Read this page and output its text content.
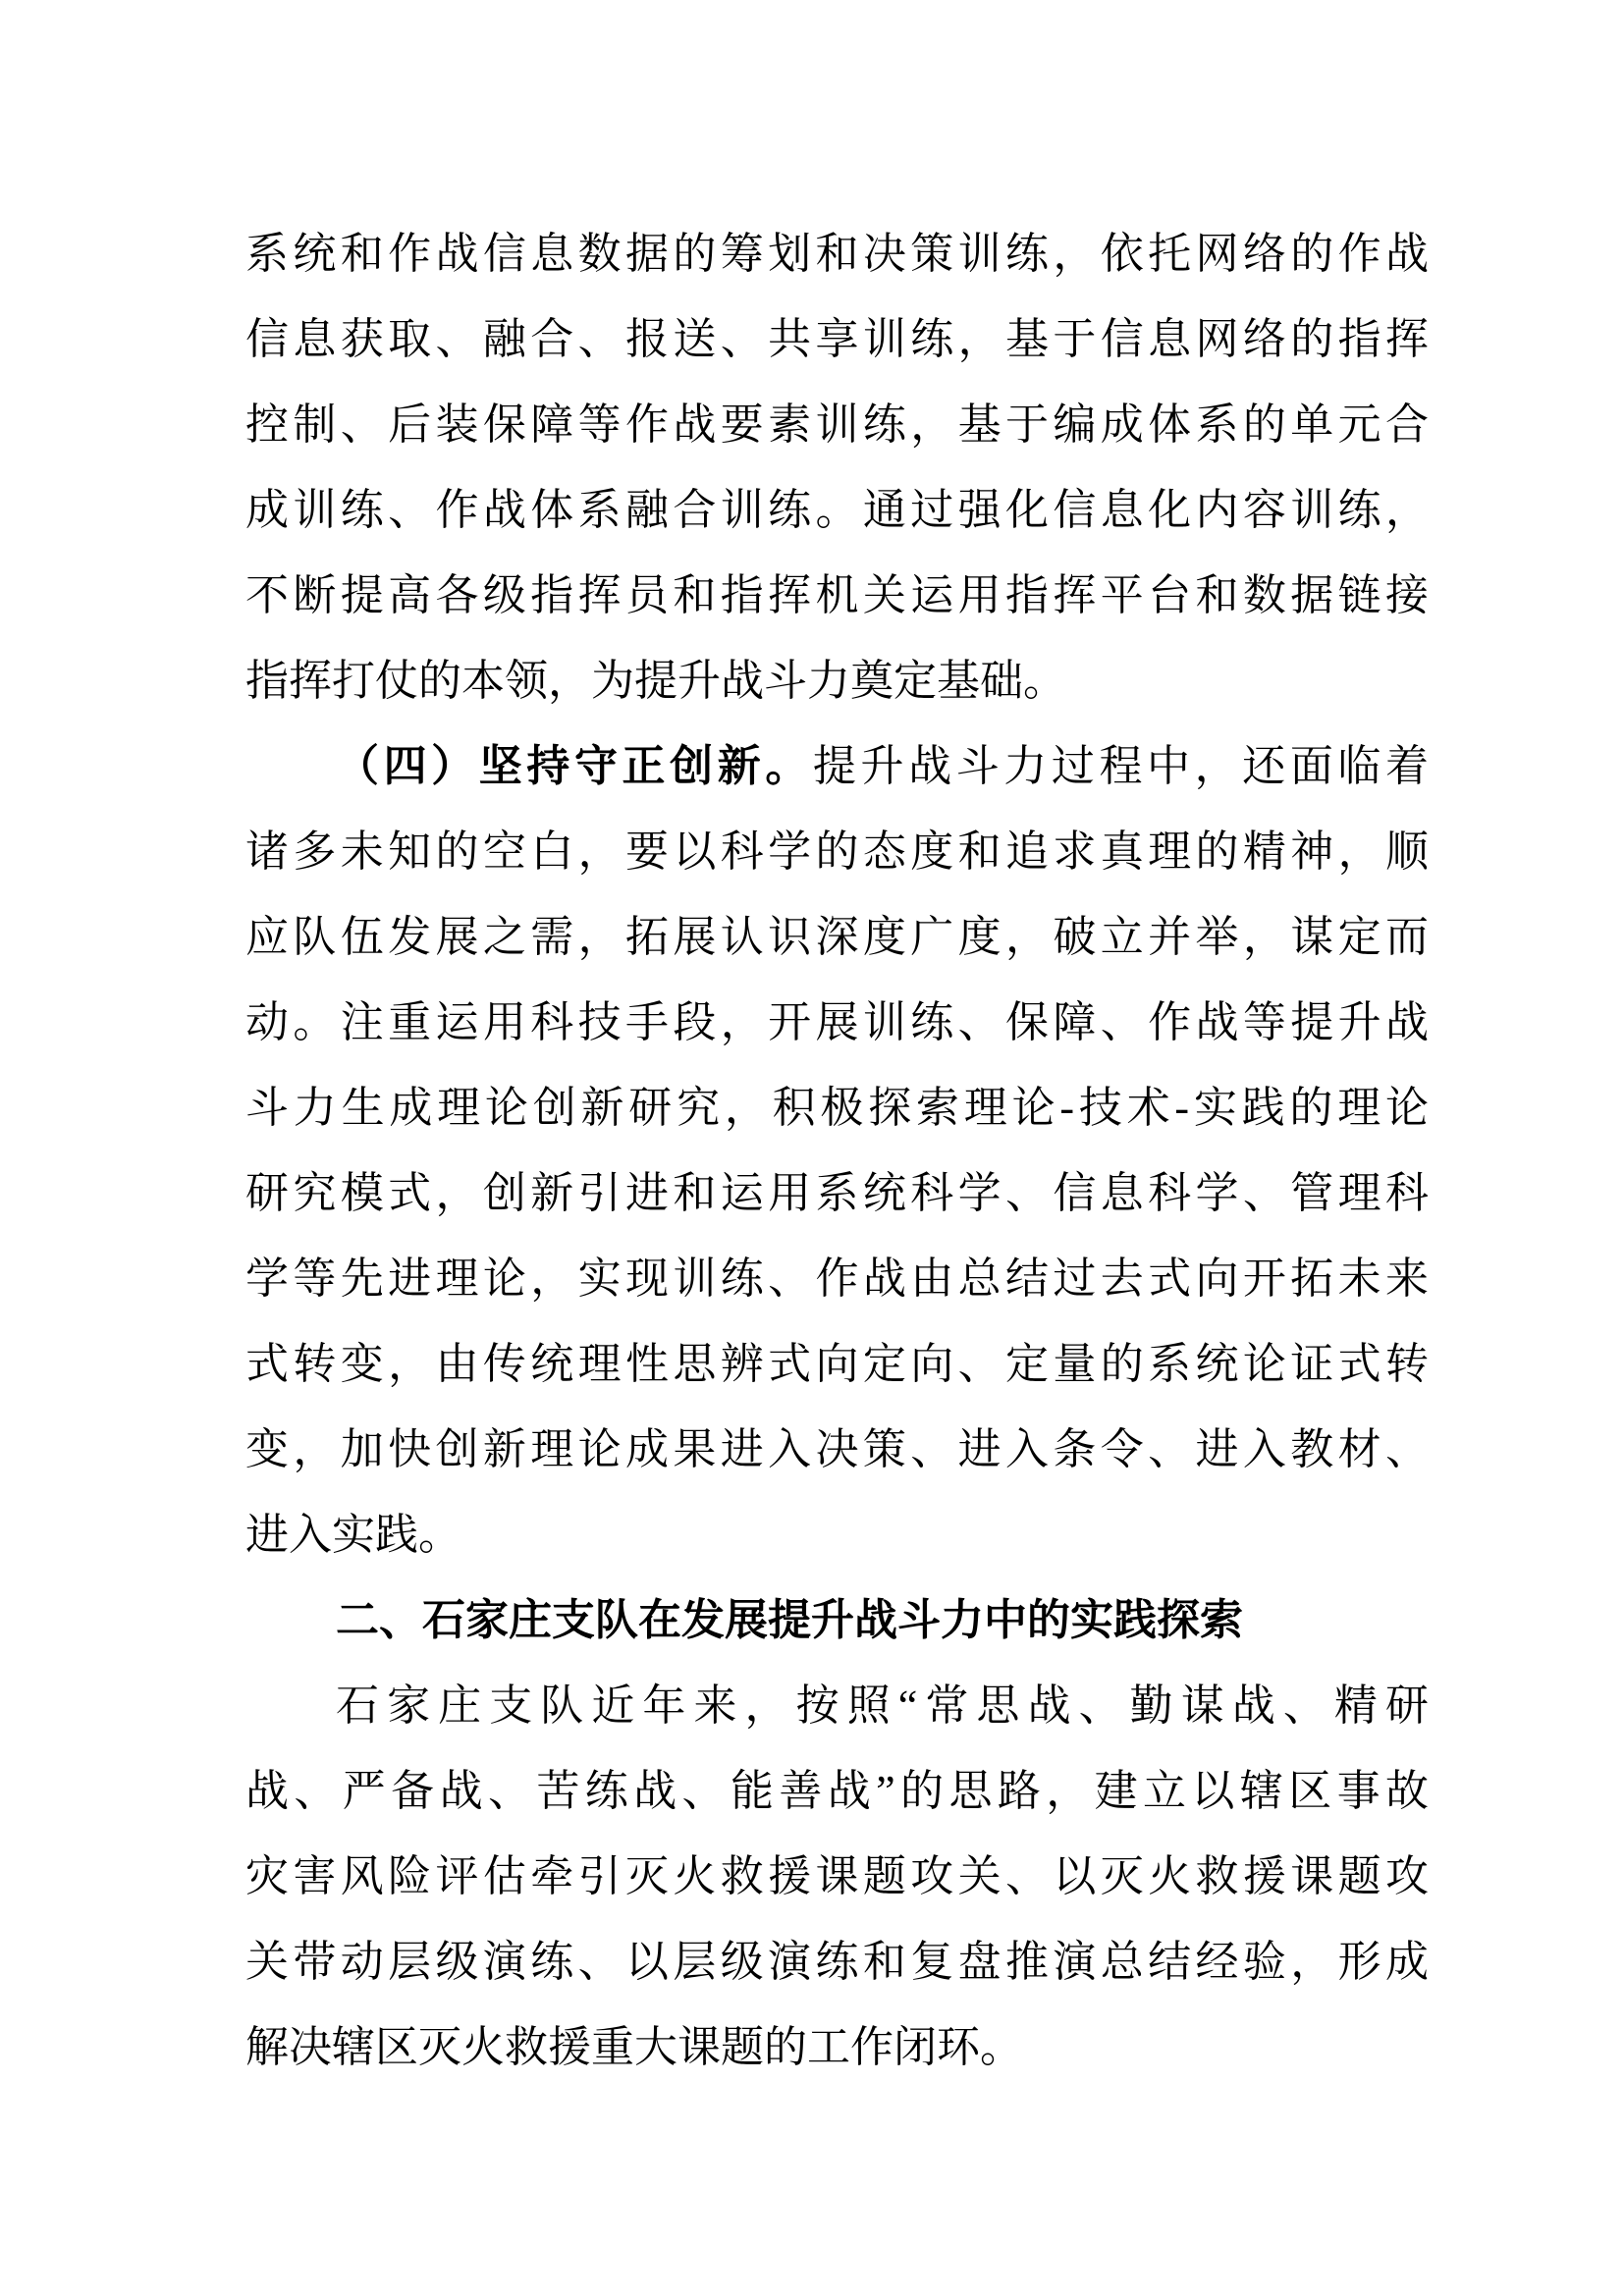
系统和作战信息数据的筹划和决策训练，依托网络的作战
信息获取、融合、报送、共享训练，基于信息网络的指挥
控制、后装保障等作战要素训练，基于编成体系的单元合
成训练、作战体系融合训练。通过强化信息化内容训练，
不断提高各级指挥员和指挥机关运用指挥平台和数据链接
指挥打仗的本领，为提升战斗力奠定基础。
（四）坚持守正创新。提升战斗力过程中，还面临着
诸多未知的空白，要以科学的态度和追求真理的精神，顺
应队伍发展之需，拓展认识深度广度，破立并举，谋定而
动。注重运用科技手段，开展训练、保障、作战等提升战
斗力生成理论创新研究，积极探索理论-技术-实践的理论
研究模式，创新引进和运用系统科学、信息科学、管理科
学等先进理论，实现训练、作战由总结过去式向开拓未来
式转变，由传统理性思辨式向定向、定量的系统论证式转
变，加快创新理论成果进入决策、进入条令、进入教材、
进入实践。
二、石家庄支队在发展提升战斗力中的实践探索
石家庄支队近年来，按照“常思战、勤谋战、精研
战、严备战、苦练战、能善战”的思路，建立以辖区事故
灾害风险评估牵引灭火救援课题攻关、以灭火救援课题攻
关带动层级演练、以层级演练和复盘推演总结经验，形成
解决辖区灭火救援重大课题的工作闭环。
